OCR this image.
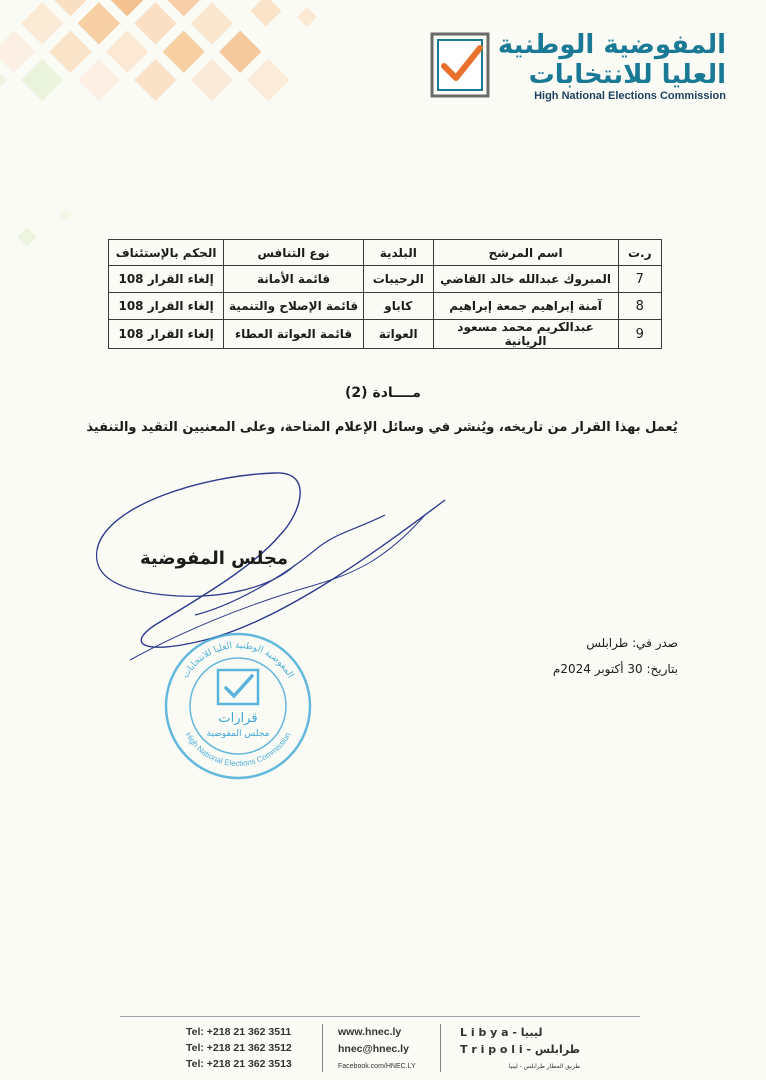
المفوضية الوطنية
العليا للانتخابات
High National Elections Commission
ر.ت	اسم المرشح	البلدية	نوع التنافس	الحكم بالإستئناف
7	المبروك عبدالله خالد القاضي	الرحيبات	قائمة الأمانة	إلغاء القرار 108
8	آمنة إبراهيم جمعة إبراهيم	كاباو	قائمة الإصلاح والتنمية	إلغاء القرار 108
9	عبدالكريم محمد مسعود الريانية	العواتة	قائمة العواتة العطاء	إلغاء القرار 108
مــــادة (2)
يُعمل بهذا القرار من تاريخه، ويُنشر في وسائل الإعلام المتاحة، وعلى المعنيين التقيد والتنفيذ
مجلس المفوضية
صدر في: طرابلس
بتاريخ: 30 أكتوبر 2024م
المفوضية الوطنية العليا للانتخابات
High National Elections Commission
قرارات
مجلس المفوضية
Tel: +218 21 362 3511
Tel: +218 21 362 3512
Tel: +218 21 362 3513
www.hnec.ly
hnec@hnec.ly
Facebook.com/HNEC.LY
L i b y a - ليبيا
T r i p o l i - طرابلس
طريق المطار طرابلس - ليبيا
